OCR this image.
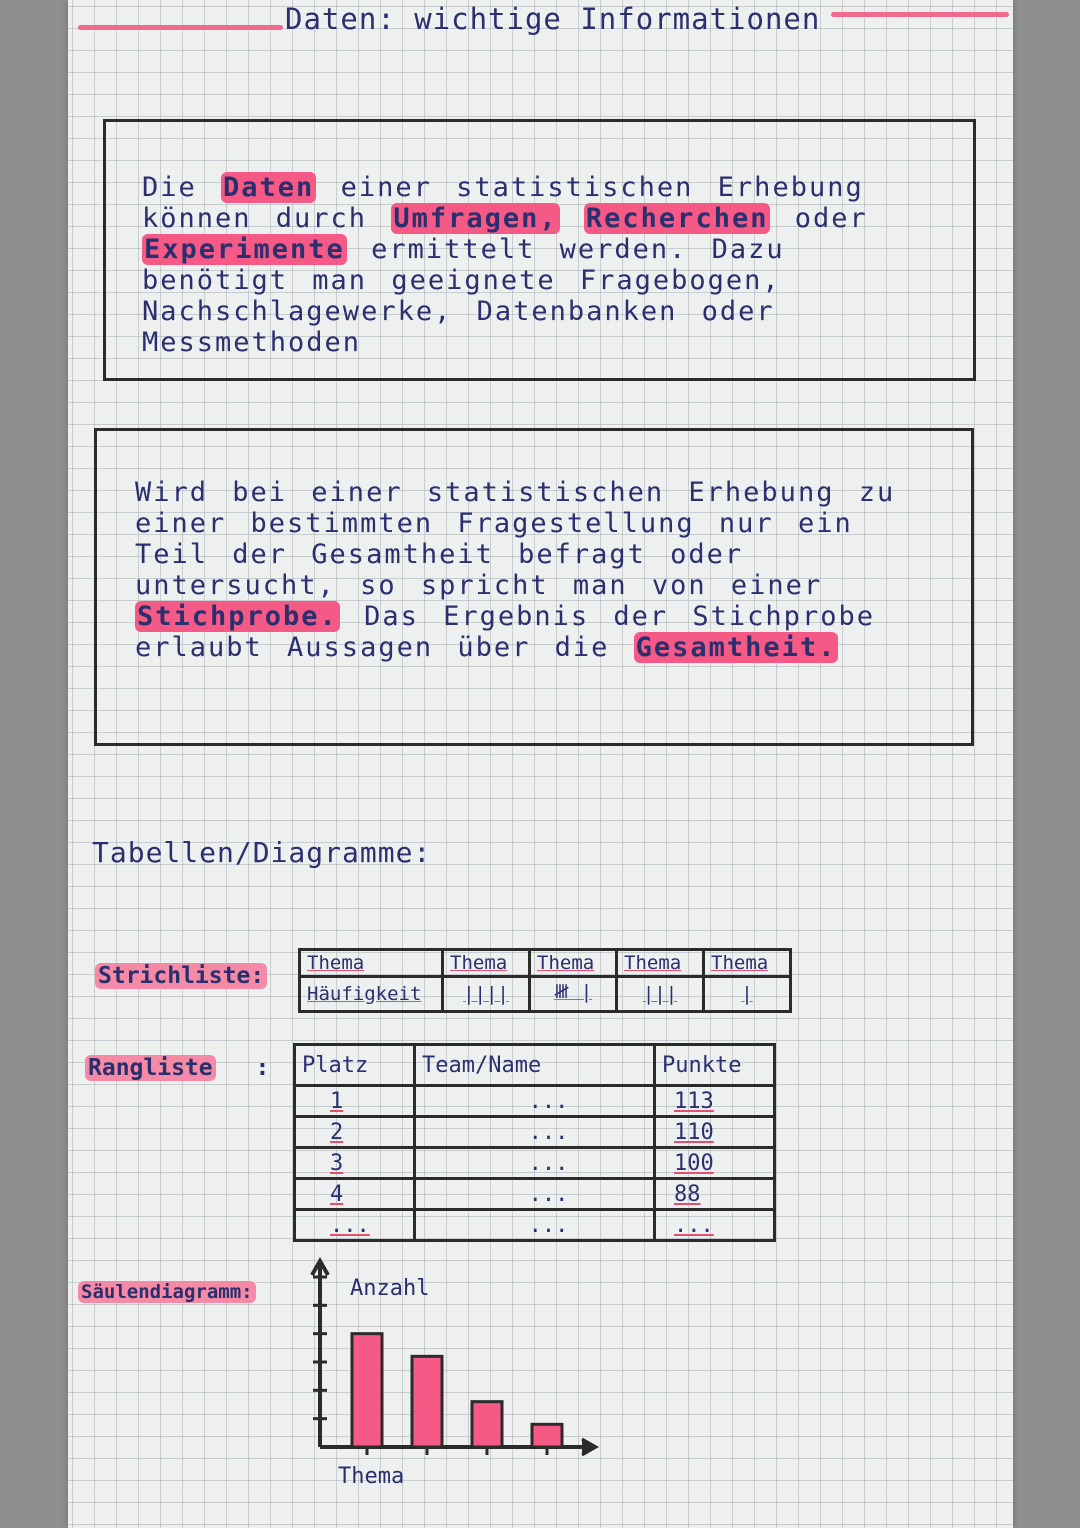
Daten: wichtige Informationen

Die Daten einer statistischen Erhebung können durch Umfragen, Recherchen oder Experimente ermittelt werden. Dazu benötigt man geeignete Fragebogen, Nachschlagewerke, Datenbanken oder Messmethoden

Wird bei einer statistischen Erhebung zu einer bestimmten Fragestellung nur ein Teil der Gesamtheit befragt oder untersucht, so spricht man von einer Stichprobe. Das Ergebnis der Stichprobe erlaubt Aussagen über die Gesamtheit.

Tabellen/Diagramme:
Strichliste: Thema	Thema	Thema	Thema	Thema
Häufigkeit	||||	𝍸 |	|||	|
Rangliste : Platz	Team/Name	Punkte
1	...	113
2	...	110
3	...	100
4	...	88
...	...	...
Säulendiagramm:	Anzahl
Thema
